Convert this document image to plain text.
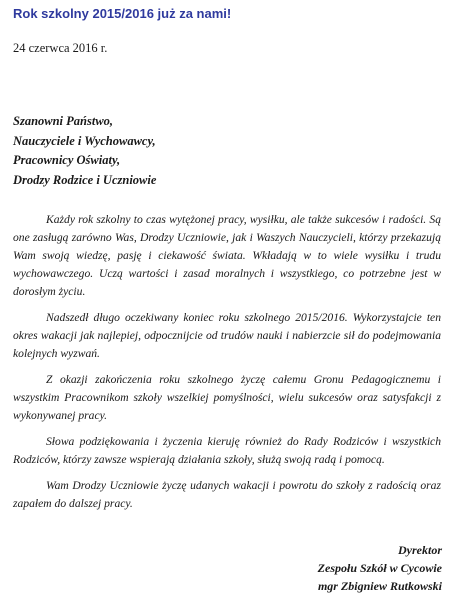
Rok szkolny 2015/2016 już za nami!
24 czerwca 2016 r.
Szanowni Państwo,
Nauczyciele i Wychowawcy,
Pracownicy Oświaty,
Drodzy Rodzice i Uczniowie

Każdy rok szkolny to czas wytężonej pracy, wysiłku, ale także sukcesów i radości. Są one zasługą zarówno Was, Drodzy Uczniowie, jak i Waszych Nauczycieli, którzy przekazują Wam swoją wiedzę, pasję i ciekawość świata. Wkładają w to wiele wysiłku i trudu wychowawczego. Uczą wartości i zasad moralnych i wszystkiego, co potrzebne jest w dorosłym życiu.

Nadszedł długo oczekiwany koniec roku szkolnego 2015/2016. Wykorzystajcie ten okres wakacji jak najlepiej, odpocznijcie od trudów nauki i nabierzcie sił do podejmowania kolejnych wyzwań.

Z okazji zakończenia roku szkolnego życzę całemu Gronu Pedagogicznemu i wszystkim Pracownikom szkoły wszelkiej pomyślności, wielu sukcesów oraz satysfakcji z wykonywanej pracy.

Słowa podziękowania i życzenia kieruję również do Rady Rodziców i wszystkich Rodziców, którzy zawsze wspierają działania szkoły, służą swoją radą i pomocą.

Wam Drodzy Uczniowie życzę udanych wakacji i powrotu do szkoły z radością oraz zapałem do dalszej pracy.

Dyrektor
Zespołu Szkół w Cycowie
mgr Zbigniew Rutkowski
